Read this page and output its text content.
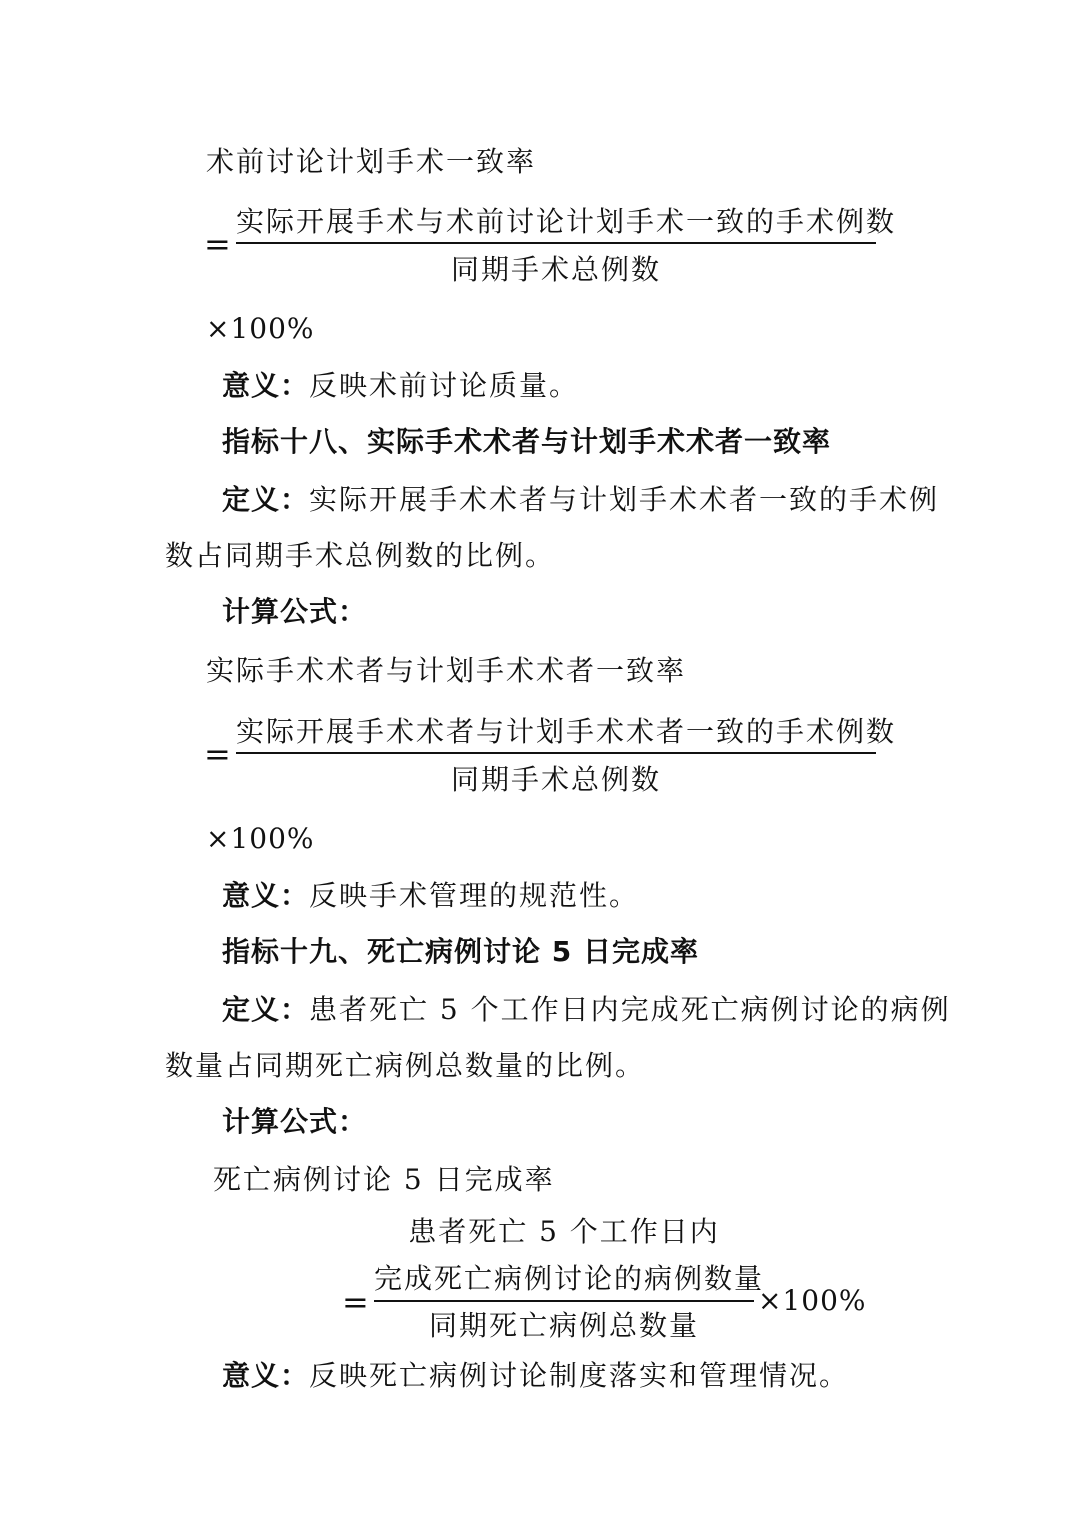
术前讨论计划手术一致率
实际开展手术与术前讨论计划手术一致的手术例数
=
同期手术总例数
×100%
意义：反映术前讨论质量。
指标十八、实际手术术者与计划手术术者一致率
定义：实际开展手术术者与计划手术术者一致的手术例
数占同期手术总例数的比例。
计算公式：
实际手术术者与计划手术术者一致率
实际开展手术术者与计划手术术者一致的手术例数
=
同期手术总例数
×100%
意义：反映手术管理的规范性。
指标十九、死亡病例讨论 5 日完成率
定义：患者死亡 5 个工作日内完成死亡病例讨论的病例
数量占同期死亡病例总数量的比例。
计算公式：
死亡病例讨论 5 日完成率
患者死亡 5 个工作日内
完成死亡病例讨论的病例数量
=	×100%
同期死亡病例总数量
意义：反映死亡病例讨论制度落实和管理情况。
